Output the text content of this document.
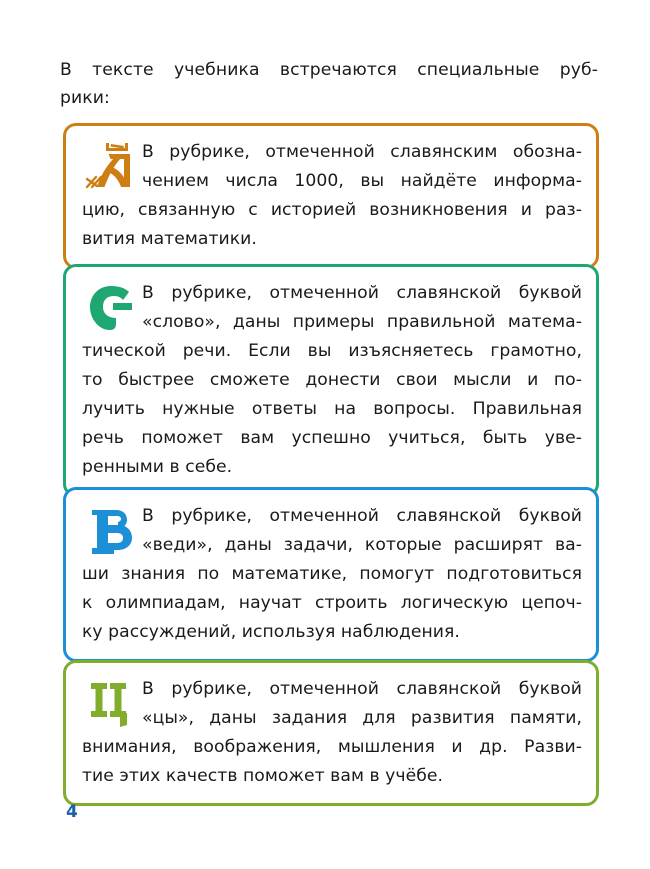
В тексте учебника встречаются специальные руб-
рики:
В рубрике, отмеченной славянским обозна-
чением числа 1000, вы найдёте информа-
цию, связанную с историей возникновения и раз-
вития математики.
В рубрике, отмеченной славянской буквой
«слово», даны примеры правильной матема-
тической речи. Если вы изъясняетесь грамотно,
то быстрее сможете донести свои мысли и по-
лучить нужные ответы на вопросы. Правильная
речь поможет вам успешно учиться, быть уве-
ренными в себе.
В рубрике, отмеченной славянской буквой
«веди», даны задачи, которые расширят ва-
ши знания по математике, помогут подготовиться
к олимпиадам, научат строить логическую цепоч-
ку рассуждений, используя наблюдения.
В рубрике, отмеченной славянской буквой
«цы», даны задания для развития памяти,
внимания, воображения, мышления и др. Разви-
тие этих качеств поможет вам в учёбе.
4
